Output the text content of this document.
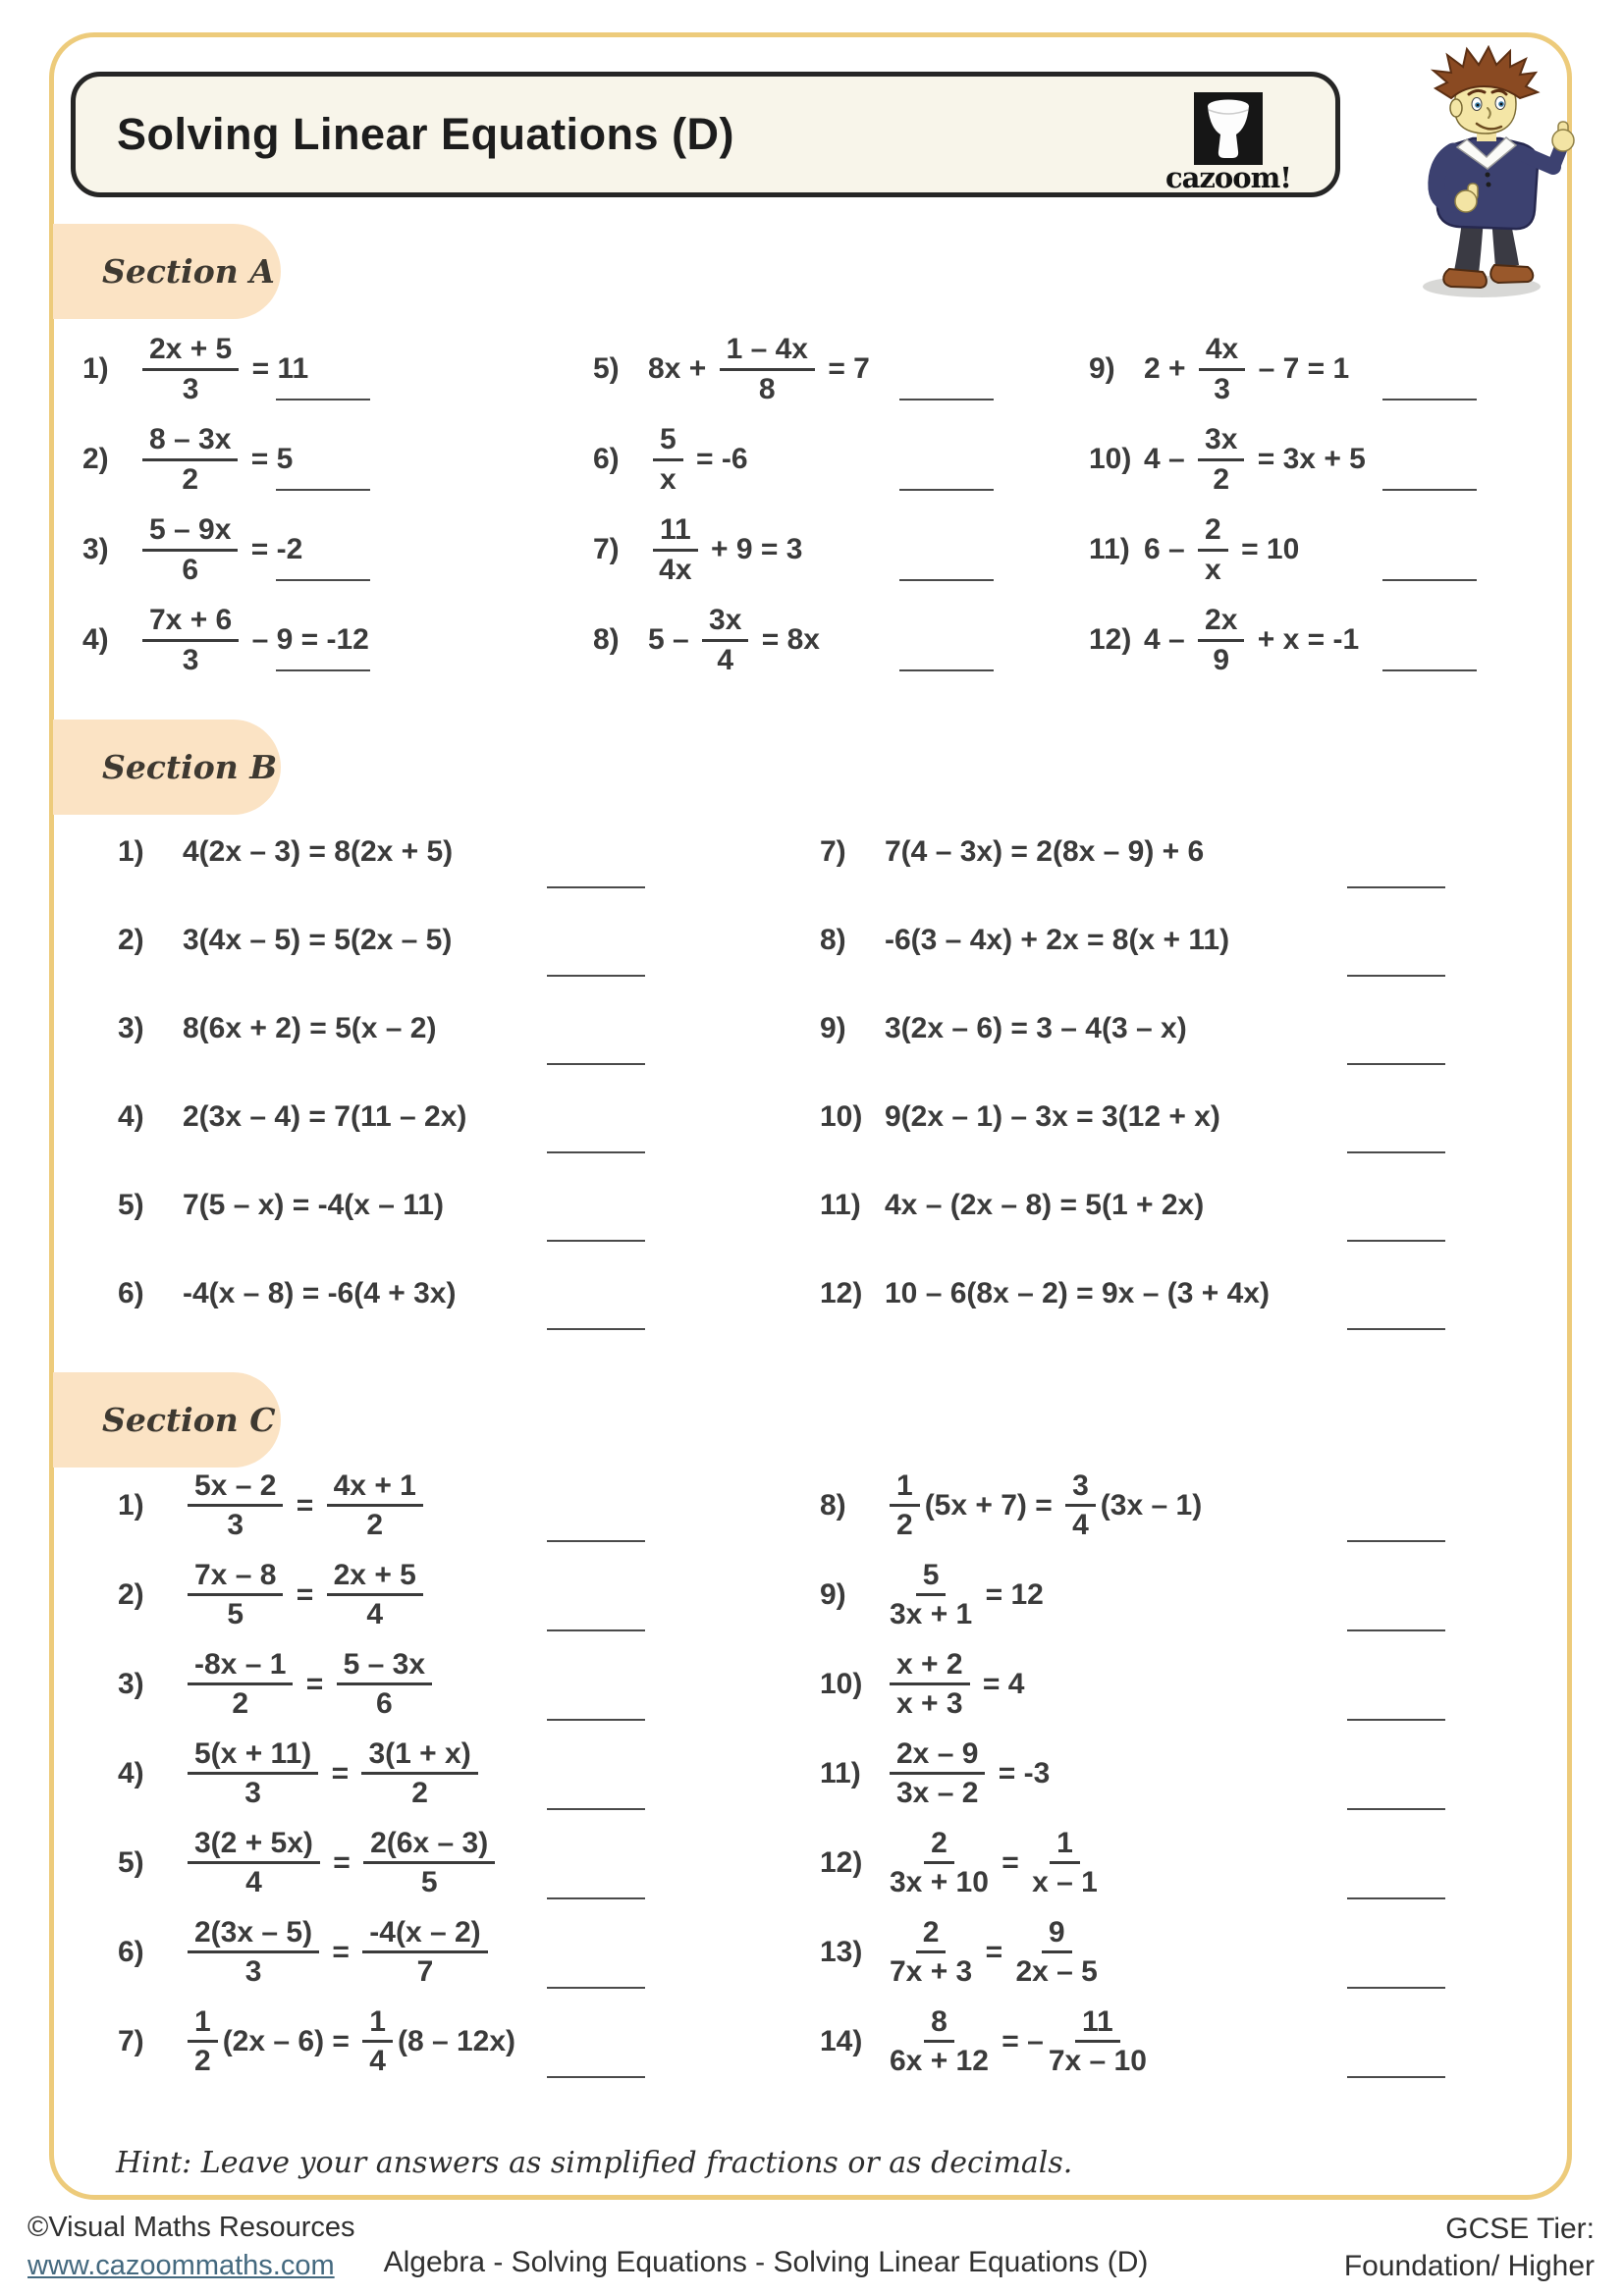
Solving Linear Equations (D)
cazoom!
Section A
1)	$\frac{2x + 5}{3} = 11$
2)	$\frac{8 - 3x}{2} = 5$
3)	$\frac{5 - 9x}{6} = -2$
4)	$\frac{7x + 6}{3} - 9 = -12$
5) $8x + \frac{1 - 4x}{8} = 7$
6)	$\frac{5}{x} = -6$
7)	$\frac{11}{4x} + 9 = 3$
8) $5 - \frac{3x}{4} = 8x$
9) $2 + \frac{4x}{3} - 7 = 1$
10) $4 - \frac{3x}{2} = 3x + 5$
11) $6 - \frac{2}{x} = 10$
12) $4 - \frac{2x}{9} + x = -1$
Section B
1)	4(2x – 3) = 8(2x + 5)
2)	3(4x – 5) = 5(2x – 5)
3)	8(6x + 2) = 5(x – 2)
4)	2(3x – 4) = 7(11 – 2x)
5)	7(5 – x) = -4(x – 11)
6)	-4(x – 8) = -6(4 + 3x)
7)	7(4 – 3x) = 2(8x – 9) + 6
8)	-6(3 – 4x) + 2x = 8(x + 11)
9)	3(2x – 6) = 3 – 4(3 – x)
10) 9(2x – 1) – 3x = 3(12 + x)
11) 4x – (2x – 8) = 5(1 + 2x)
12) 10 – 6(8x – 2) = 9x – (3 + 4x)
Section C
1)	$\frac{5x - 2}{3} = \frac{4x + 1}{2}$
2)	$\frac{7x - 8}{5} = \frac{2x + 5}{4}$
3)	$\frac{-8x - 1}{2} = \frac{5 - 3x}{6}$
4)	$\frac{5(x + 11)}{3} = \frac{3(1 + x)}{2}$
5)	$\frac{3(2 + 5x)}{4} = \frac{2(6x - 3)}{5}$
6)	$\frac{2(3x - 5)}{3} = \frac{-4(x - 2)}{7}$
7)	$\frac{1}{2} (2x - 6) = \frac{1}{4} (8 - 12x)$
8)	$\frac{1}{2} (5x + 7) = \frac{3}{4} (3x - 1)$
9)	$\frac{5}{3x + 1} = 12$
$10) \frac{x + 2}{x + 3} = 4$
$11) \frac{2x - 9}{3x - 2} = -3$
$12) \frac{2}{3x + 10} = \frac{1}{x - 1}$
$13) \frac{2}{7x + 3} = \frac{9}{2x - 5}$
$14) \frac{8}{6x + 12}$ = – $\frac{11}{7x - 10}$
Hint: Leave your answers as simplified fractions or as decimals.
Algebra - Solving Equations - Solving Linear Equations (D)
©Visual Maths Resources
www.cazoommaths.com
GCSE Tier:
Foundation/ Higher
